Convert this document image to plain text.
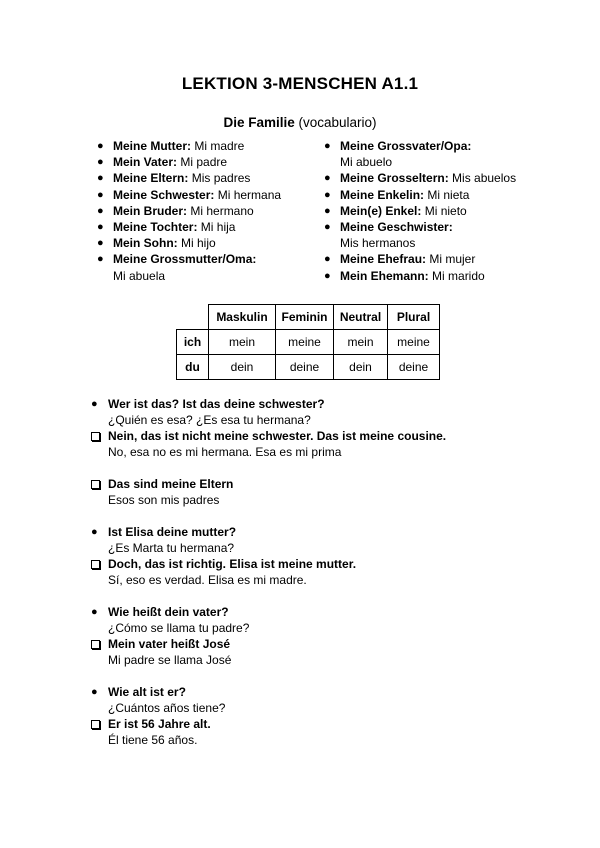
LEKTION 3-MENSCHEN A1.1
Die Familie (vocabulario)
● Meine Mutter: Mi madre
● Mein Vater: Mi padre
● Meine Eltern: Mis padres
● Meine Schwester: Mi hermana
● Mein Bruder: Mi hermano
● Meine Tochter: Mi hija
● Mein Sohn: Mi hijo
● Meine Grossmutter/Oma:
Mi abuela
● Meine Grossvater/Opa:
Mi abuelo
● Meine Grosseltern: Mis abuelos
● Meine Enkelin: Mi nieta
● Mein(e) Enkel: Mi nieto
● Meine Geschwister:
Mis hermanos
● Meine Ehefrau: Mi mujer
● Mein Ehemann: Mi marido
	Maskulin	Feminin	Neutral	Plural
ich	mein	meine	mein	meine
du	dein	deine	dein	deine
● Wer ist das? Ist das deine schwester?
¿Quién es esa? ¿Es esa tu hermana?
Nein, das ist nicht meine schwester. Das ist meine cousine.
No, esa no es mi hermana. Esa es mi prima
Das sind meine Eltern
Esos son mis padres
● Ist Elisa deine mutter?
¿Es Marta tu hermana?
Doch, das ist richtig. Elisa ist meine mutter.
Sí, eso es verdad. Elisa es mi madre.
● Wie heißt dein vater?
¿Cómo se llama tu padre?
Mein vater heißt José
Mi padre se llama José
● Wie alt ist er?
¿Cuántos años tiene?
Er ist 56 Jahre alt.
Él tiene 56 años.
